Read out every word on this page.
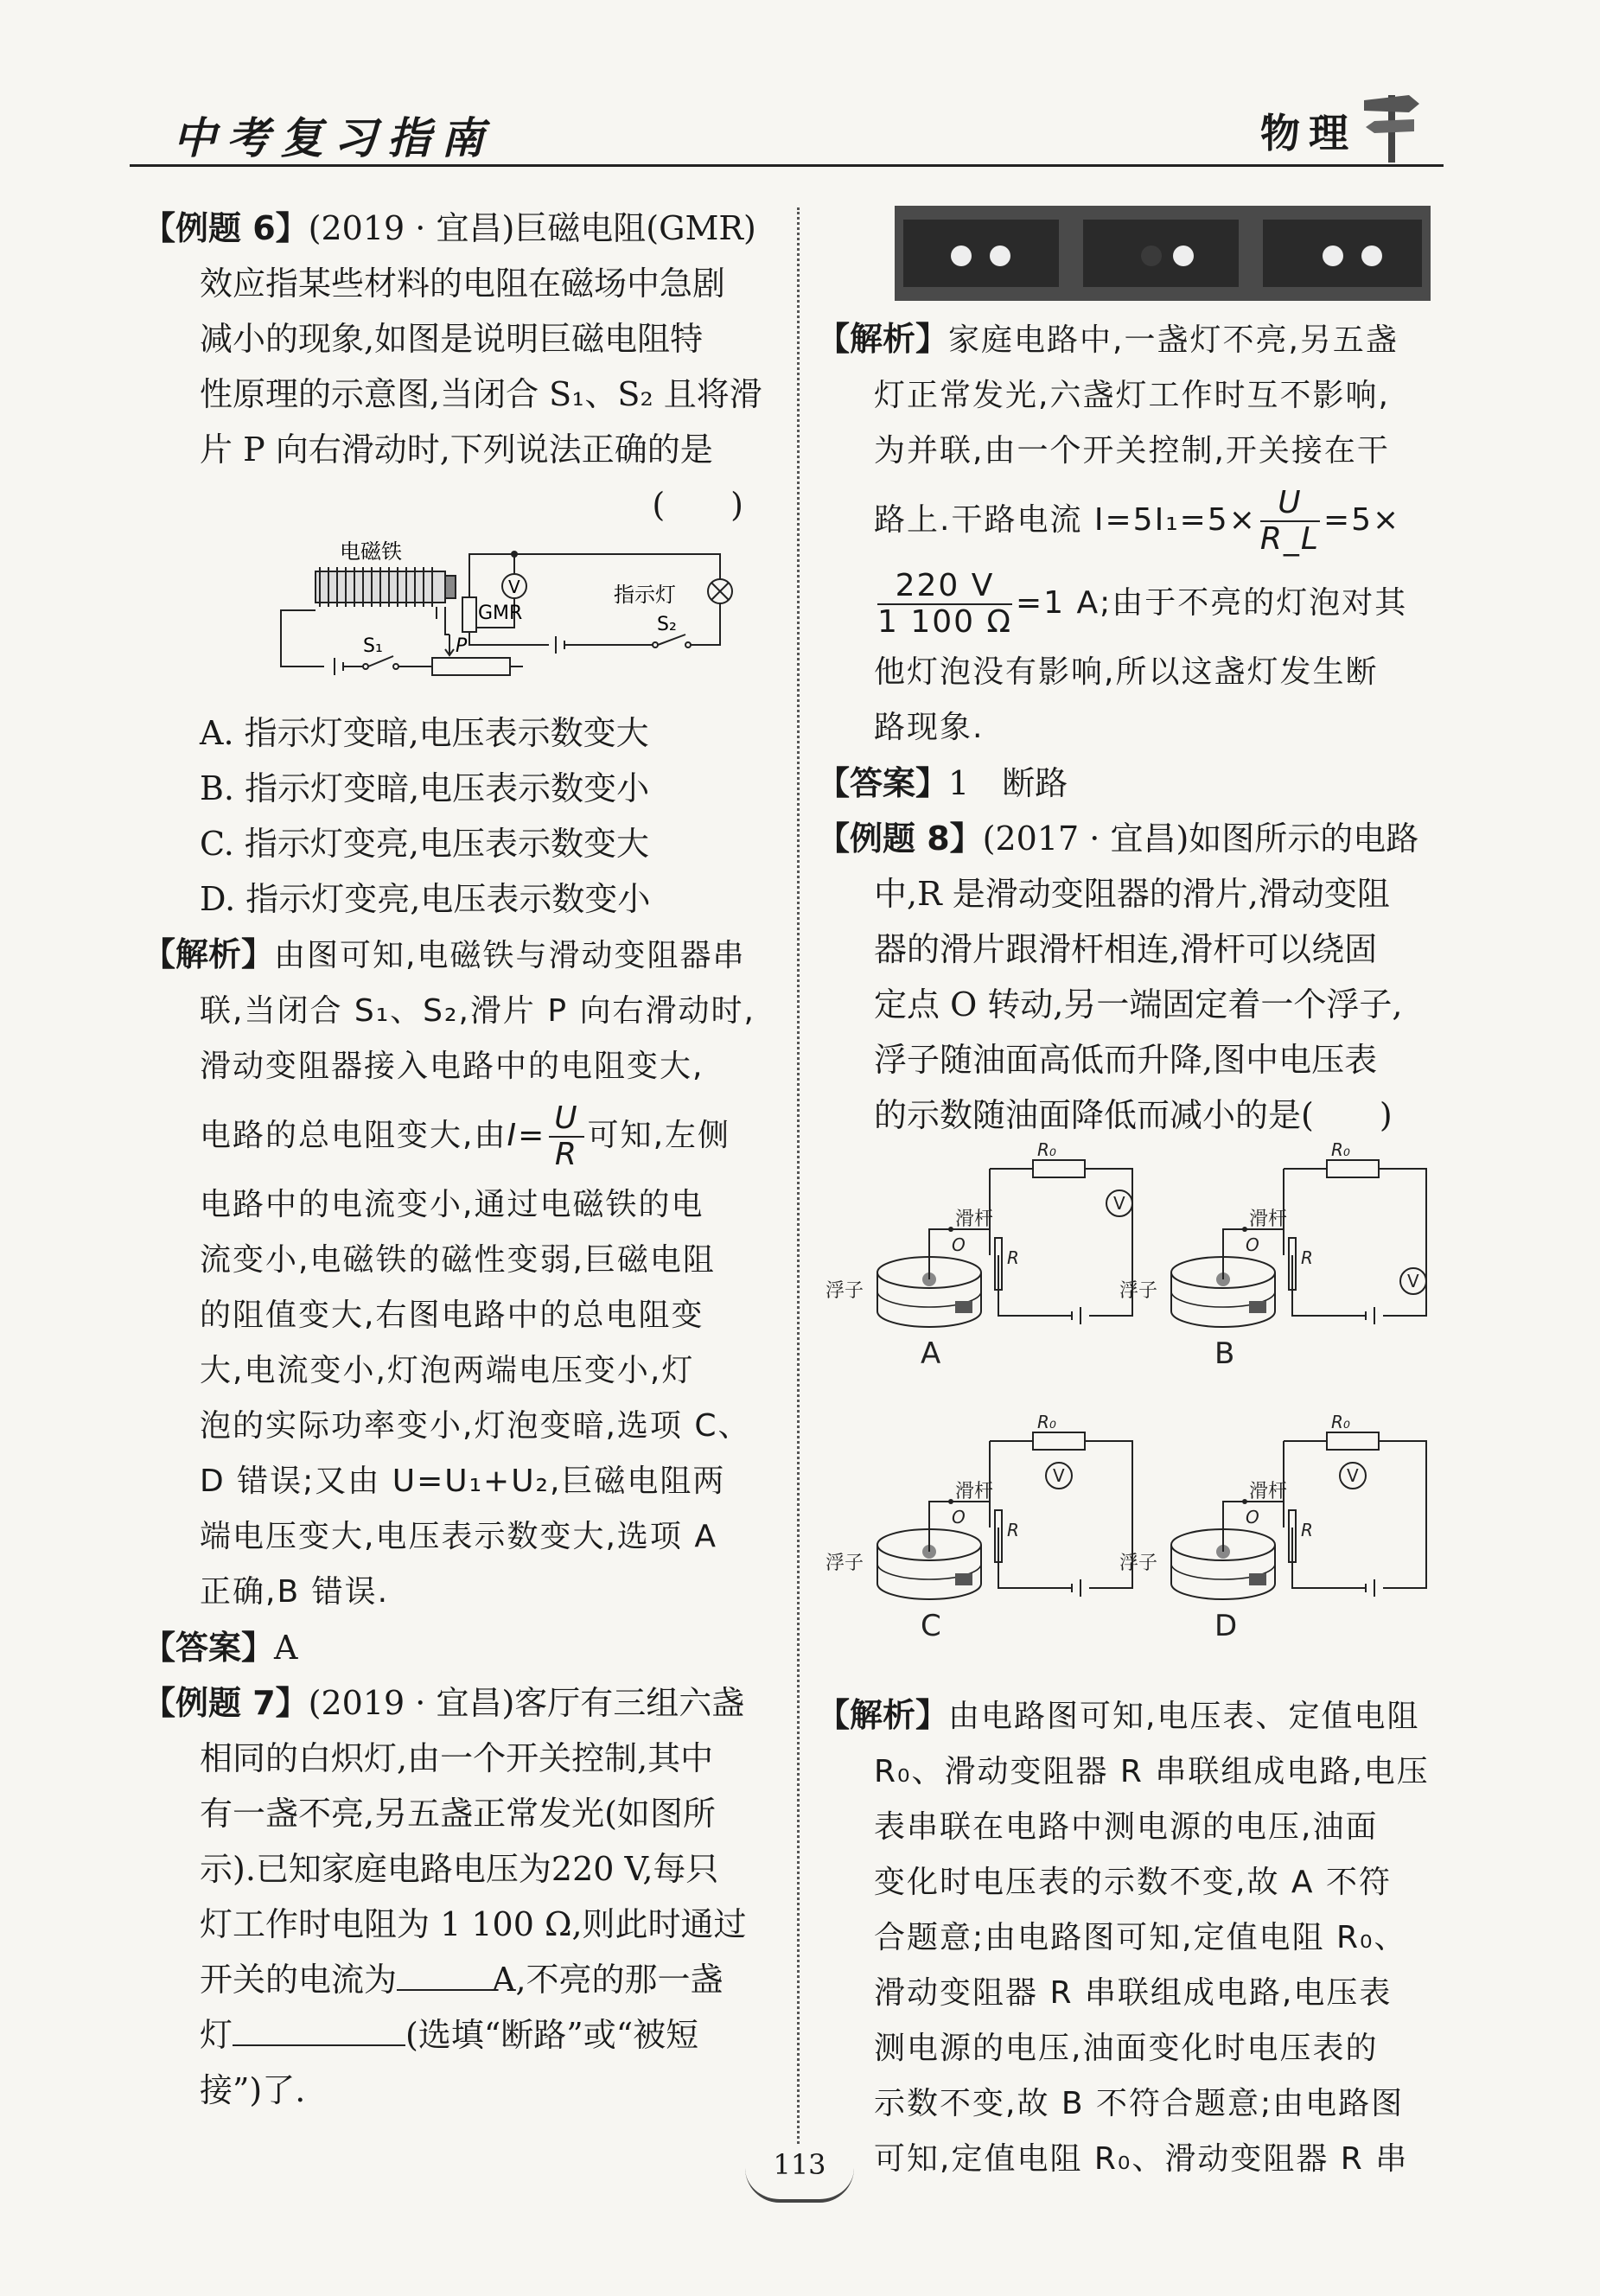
中考复习指南	物理

【例题 6】(2019 · 宜昌)巨磁电阻(GMR)

效应指某些材料的电阻在磁场中急剧

减小的现象,如图是说明巨磁电阻特

性原理的示意图,当闭合 S₁、S₂ 且将滑

片 P 向右滑动时,下列说法正确的是

(　　)

电磁铁
GMR
V	指示灯
S₁
S₂
P

A. 指示灯变暗,电压表示数变大

B. 指示灯变暗,电压表示数变小

C. 指示灯变亮,电压表示数变大

D. 指示灯变亮,电压表示数变小

【解析】由图可知,电磁铁与滑动变阻器串

联,当闭合 S₁、S₂,滑片 P 向右滑动时,

滑动变阻器接入电路中的电阻变大,

电路的总电阻变大,由$I= \frac{U}{R}$ 可知,左侧

电路中的电流变小,通过电磁铁的电

流变小,电磁铁的磁性变弱,巨磁电阻

的阻值变大,右图电路中的总电阻变

大,电流变小,灯泡两端电压变小,灯

泡的实际功率变小,灯泡变暗,选项 C、

D 错误;又由 U=U₁+U₂,巨磁电阻两

端电压变大,电压表示数变大,选项 A

正确,B 错误.

【答案】A

【例题 7】(2019 · 宜昌)客厅有三组六盏

相同的白炽灯,由一个开关控制,其中

有一盏不亮,另五盏正常发光(如图所

示).已知家庭电路电压为220 V,每只

灯工作时电阻为 1 100 Ω,则此时通过

开关的电流为	A,不亮的那一盏

灯	(选填“断路”或“被短

接”)了.

【解析】家庭电路中,一盏灯不亮,另五盏

灯正常发光,六盏灯工作时互不影响,

为并联,由一个开关控制,开关接在干

路上.干路电流 $I=5I_1=5\times \frac{U}{R\_L} =5\times$

$\frac{220 V}{1 100 \Omega} =1$ A;由于不亮的灯泡对其

他灯泡没有影响,所以这盏灯发生断

路现象.

【答案】1　断路

【例题 8】(2017 · 宜昌)如图所示的电路

中,R 是滑动变阻器的滑片,滑动变阻

器的滑片跟滑杆相连,滑杆可以绕固

定点 O 转动,另一端固定着一个浮子,

浮子随油面高低而升降,图中电压表

的示数随油面降低而减小的是(　　)

V
R₀
滑杆
O
R
浮子
A
V
R₀
滑杆
O
R
浮子
B
V
R₀
滑杆
O
R
浮子
C
V
R₀
滑杆
O
R
浮子
D

【解析】由电路图可知,电压表、定值电阻

R₀、滑动变阻器 R 串联组成电路,电压

表串联在电路中测电源的电压,油面

变化时电压表的示数不变,故 A 不符

合题意;由电路图可知,定值电阻 R₀、

滑动变阻器 R 串联组成电路,电压表

测电源的电压,油面变化时电压表的

示数不变,故 B 不符合题意;由电路图

可知,定值电阻 R₀、滑动变阻器 R 串

113
